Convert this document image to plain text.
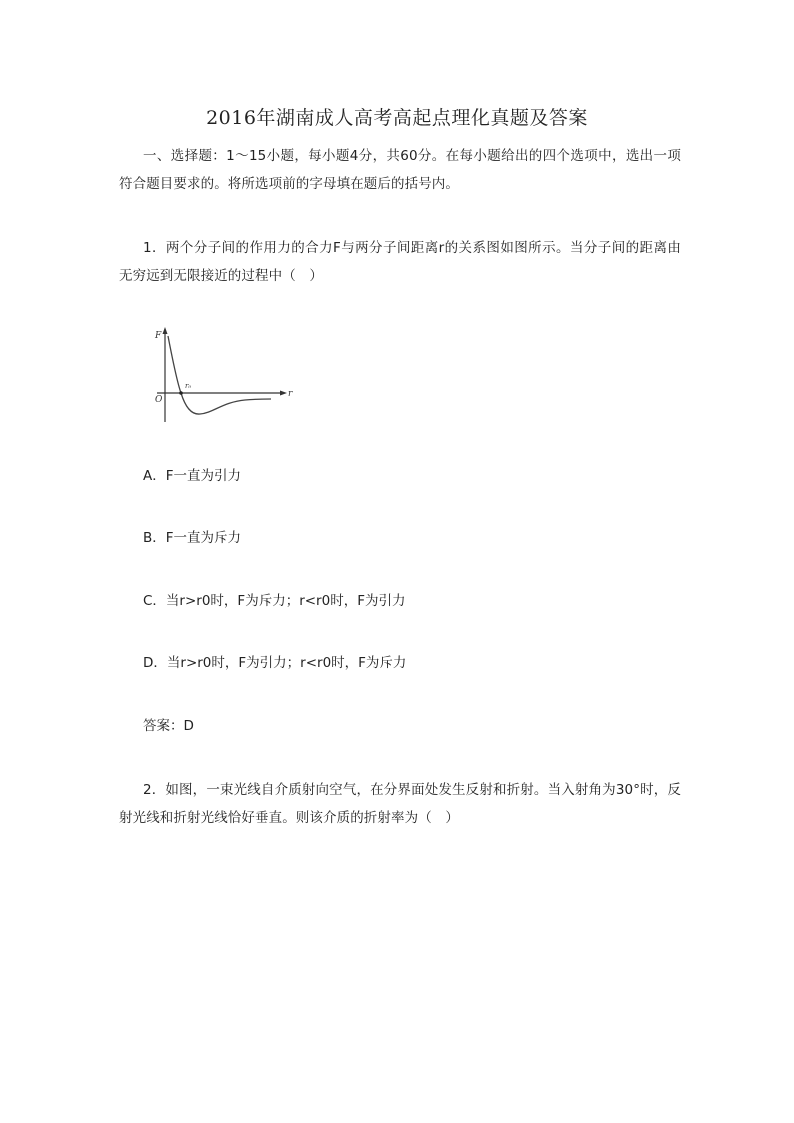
2016年湖南成人高考高起点理化真题及答案
一、选择题：1～15小题，每小题4分，共60分。在每小题给出的四个选项中，选出一项符合题目要求的。将所选项前的字母填在题后的括号内。
1．两个分子间的作用力的合力F与两分子间距离r的关系图如图所示。当分子间的距离由无穷远到无限接近的过程中（　）
r₀
F
O
r
A．F一直为引力
B．F一直为斥力
C．当r>r0时，F为斥力；r<r0时，F为引力
D．当r>r0时，F为引力；r<r0时，F为斥力
答案：D
2．如图，一束光线自介质射向空气，在分界面处发生反射和折射。当入射角为30°时，反射光线和折射光线恰好垂直。则该介质的折射率为（　）
